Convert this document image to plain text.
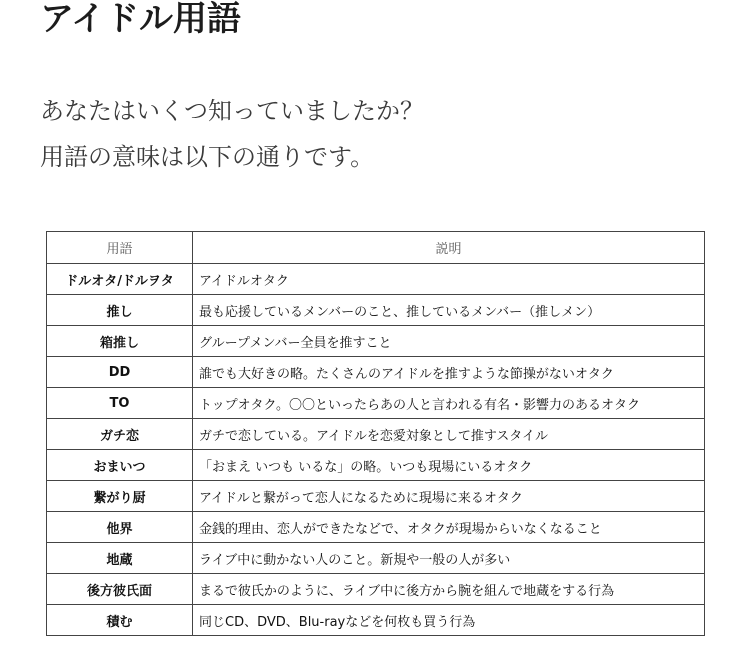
アイドル用語

あなたはいくつ知っていましたか？
用語の意味は以下の通りです。

用語	説明
ドルオタ/ドルヲタ	アイドルオタク
推し	最も応援しているメンバーのこと、推しているメンバー（推しメン）
箱推し	グループメンバー全員を推すこと
DD	誰でも大好きの略。たくさんのアイドルを推すような節操がないオタク
TO	トップオタク。〇〇といったらあの人と言われる有名・影響力のあるオタク
ガチ恋	ガチで恋している。アイドルを恋愛対象として推すスタイル
おまいつ	「おまえ いつも いるな」の略。いつも現場にいるオタク
繋がり厨	アイドルと繋がって恋人になるために現場に来るオタク
他界	金銭的理由、恋人ができたなどで、オタクが現場からいなくなること
地蔵	ライブ中に動かない人のこと。新規や一般の人が多い
後方彼氏面	まるで彼氏かのように、ライブ中に後方から腕を組んで地蔵をする行為
積む	同じCD、DVD、Blu-rayなどを何枚も買う行為
